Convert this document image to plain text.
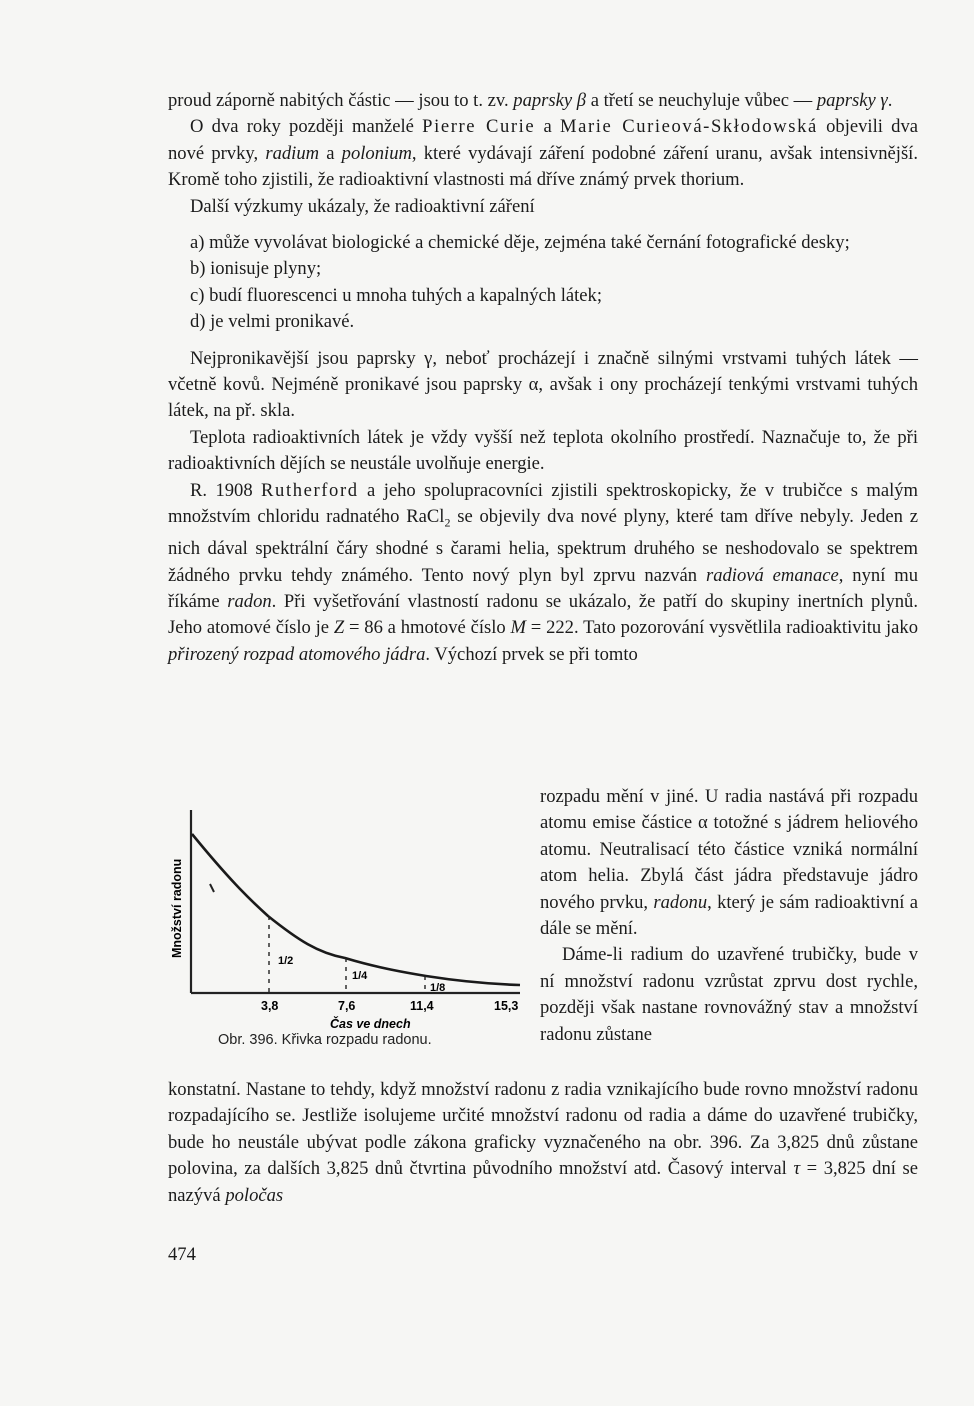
proud záporně nabitých částic — jsou to t. zv. paprsky β a třetí se neuchyluje vůbec — paprsky γ.

O dva roky později manželé Pierre Curie a Marie Curieová-Skłodowská objevili dva nové prvky, radium a polonium, které vydávají záření podobné záření uranu, avšak intensivnější. Kromě toho zjistili, že radioaktivní vlastnosti má dříve známý prvek thorium.

Další výzkumy ukázaly, že radioaktivní záření

a) může vyvolávat biologické a chemické děje, zejména také černání fotografické desky;
b) ionisuje plyny;
c) budí fluorescenci u mnoha tuhých a kapalných látek;
d) je velmi pronikavé.

Nejpronikavější jsou paprsky γ, neboť procházejí i značně silnými vrstvami tuhých látek — včetně kovů. Nejméně pronikavé jsou paprsky α, avšak i ony procházejí tenkými vrstvami tuhých látek, na př. skla.

Teplota radioaktivních látek je vždy vyšší než teplota okolního prostředí. Naznačuje to, že při radioaktivních dějích se neustále uvolňuje energie.

R. 1908 Rutherford a jeho spolupracovníci zjistili spektroskopicky, že v trubičce s malým množstvím chloridu radnatého RaCl$_2$ se objevily dva nové plyny, které tam dříve nebyly. Jeden z nich dával spektrální čáry shodné s čarami helia, spektrum druhého se neshodovalo se spektrem žádného prvku tehdy známého. Tento nový plyn byl zprvu nazván radiová emanace, nyní mu říkáme radon. Při vyšetřování vlastností radonu se ukázalo, že patří do skupiny inertních plynů. Jeho atomové číslo je Z = 86 a hmotové číslo M = 222. Tato pozorování vysvětlila radioaktivitu jako přirozený rozpad atomového jádra. Výchozí prvek se při tomto

rozpadu mění v jiné. U radia nastává při rozpadu atomu emise částice α totožné s jádrem heliového atomu. Neutralisací této částice vzniká normální atom helia. Zbylá část jádra představuje jádro nového prvku, radonu, který je sám radioaktivní a dále se mění.
Dáme-li radium do uzavřené trubičky, bude v ní množství radonu vzrůstat zprvu dost rychle, později však nastane rovnovážný stav a množství radonu zůstane
1/2
1/4
1/8
3,8	7,6	11,4	15,3
Čas ve dnech
Množství radonu
Obr. 396. Křivka rozpadu radonu.
konstatní. Nastane to tehdy, když množství radonu z radia vznikajícího bude rovno množství radonu rozpadajícího se. Jestliže isolujeme určité množství radonu od radia a dáme do uzavřené trubičky, bude ho neustále ubývat podle zákona graficky vyznačeného na obr. 396. Za 3,825 dnů zůstane polovina, za dalších 3,825 dnů čtvrtina původního množství atd. Časový interval τ = 3,825 dní se nazývá poločas
474
